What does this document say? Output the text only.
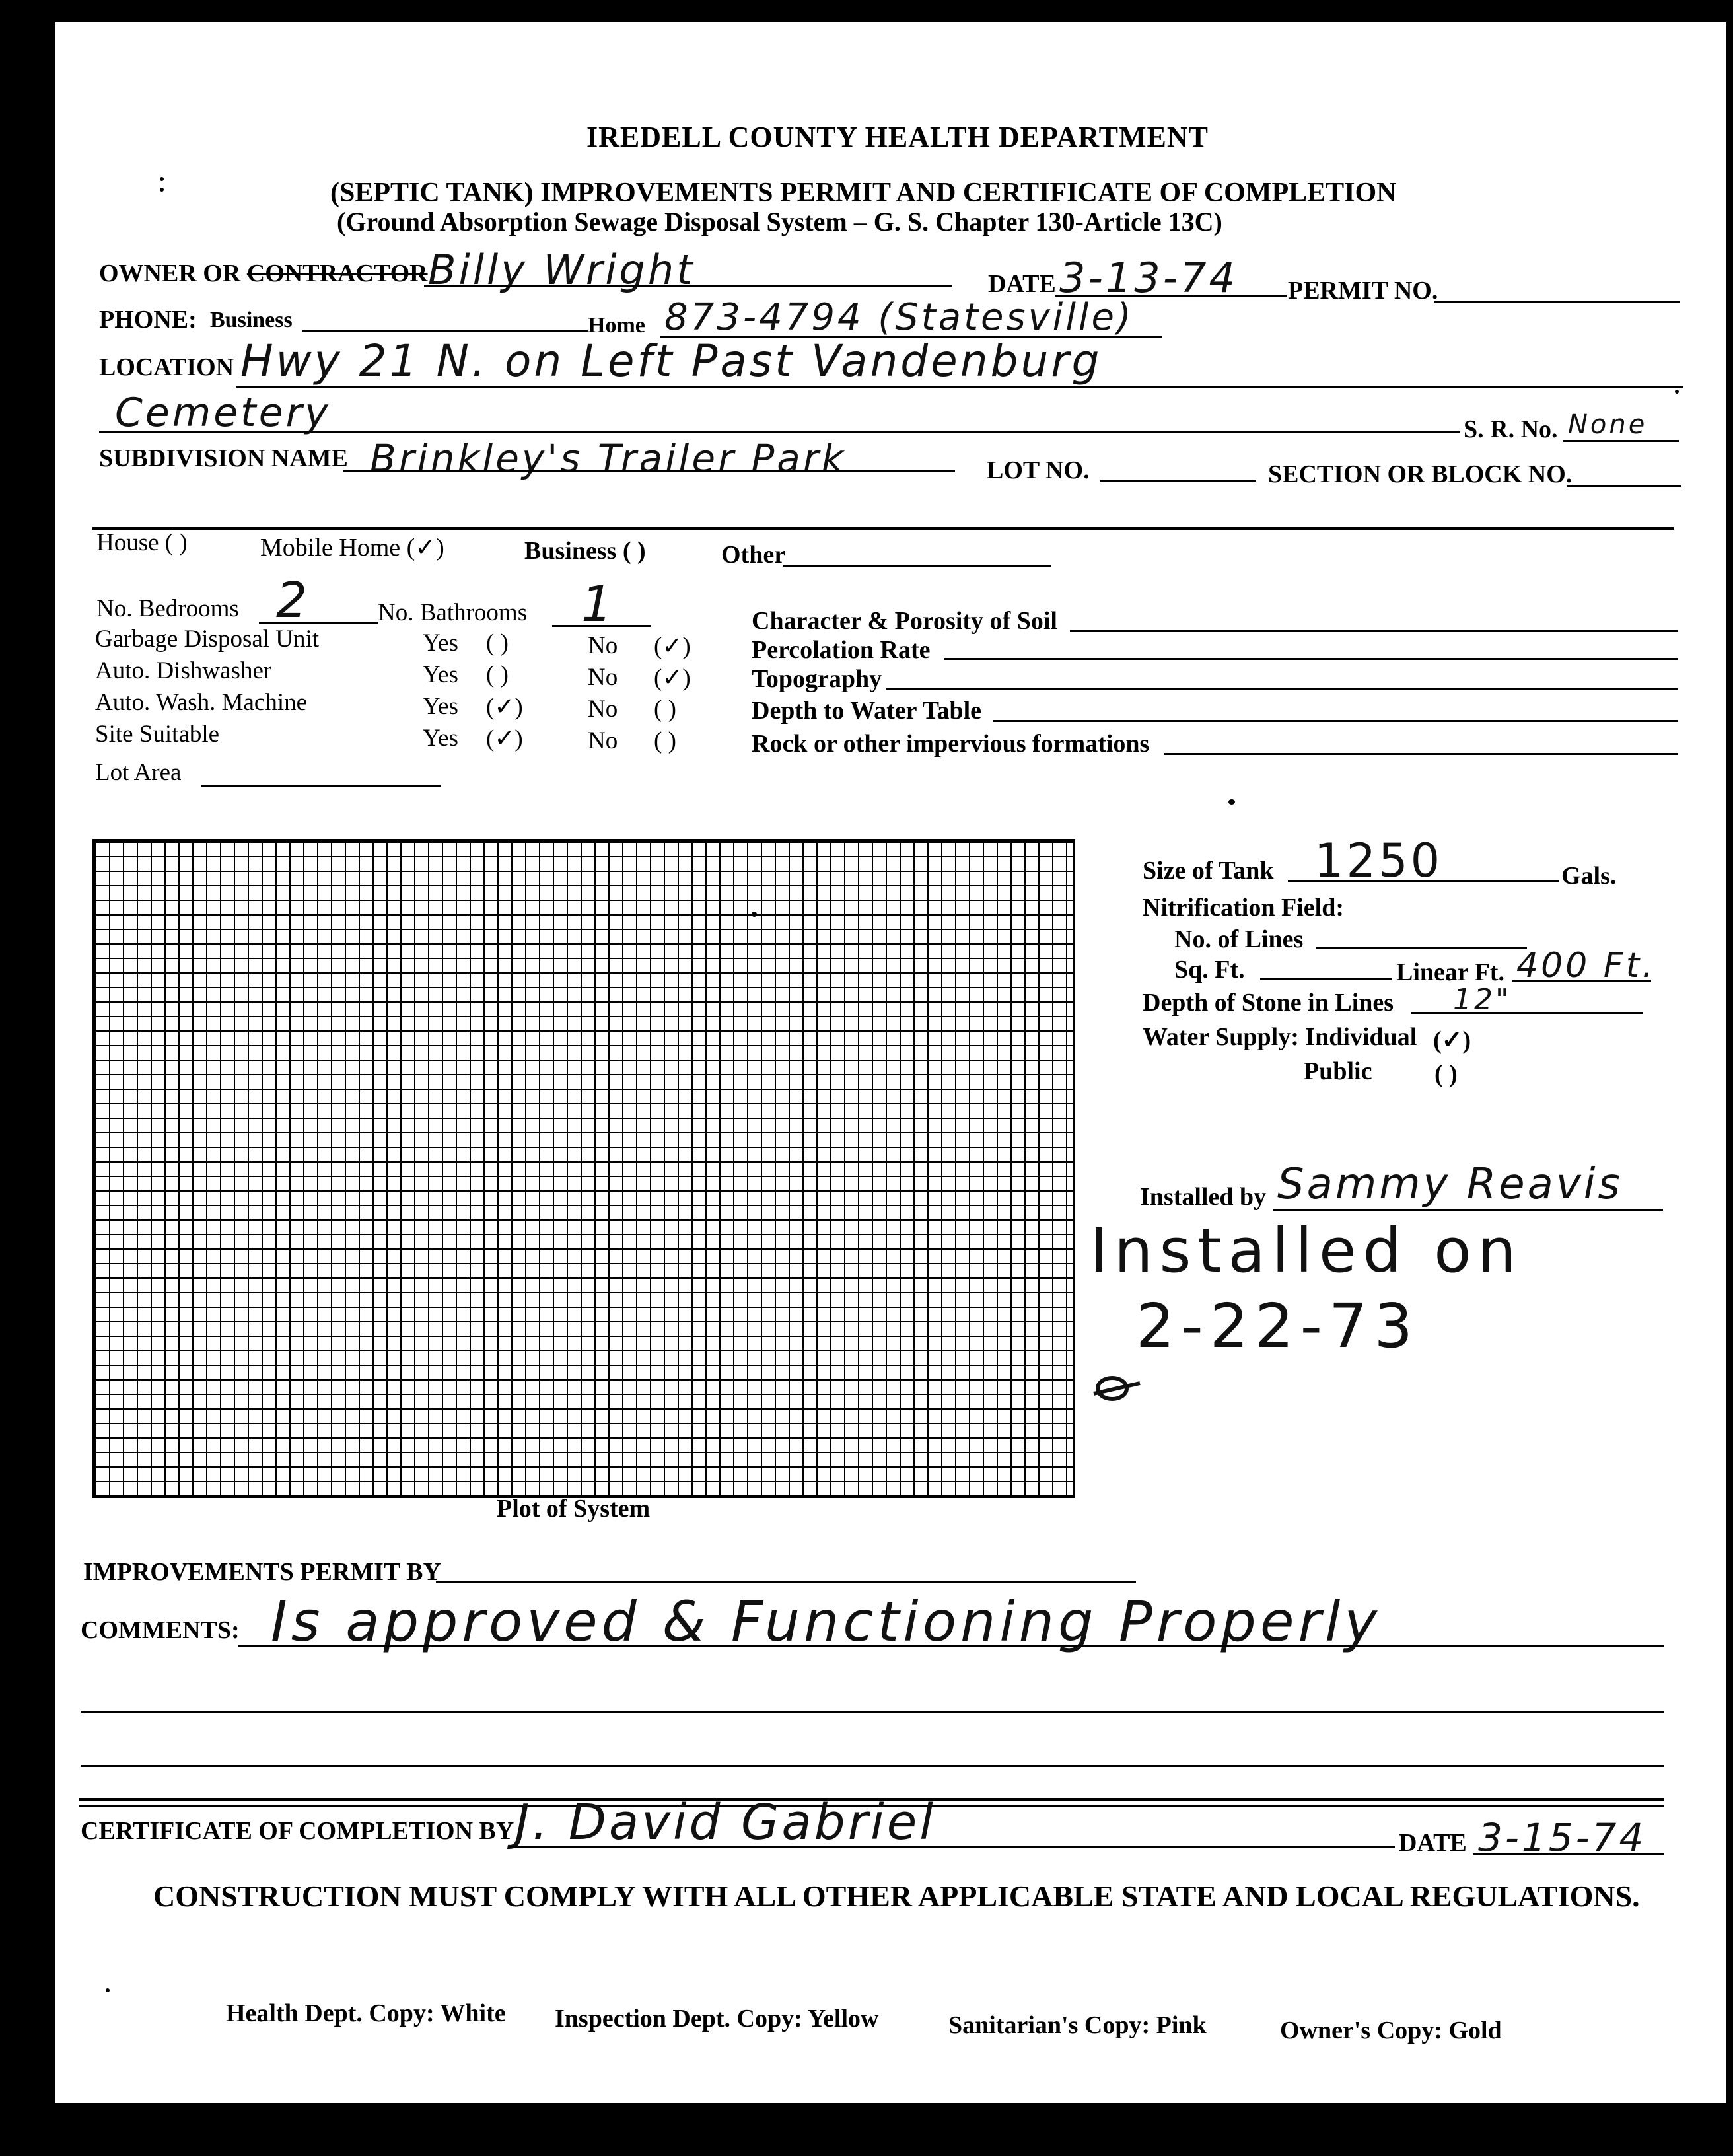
IREDELL COUNTY HEALTH DEPARTMENT
(SEPTIC TANK) IMPROVEMENTS PERMIT AND CERTIFICATE OF COMPLETION
(Ground Absorption Sewage Disposal System – G. S. Chapter 130-Article 13C)
OWNER OR CONTRACTOR Billy Wright	DATE 3-13-74 PERMIT NO.
PHONE: Business	Home 873-4794 (Statesville)
LOCATION Hwy 21 N. on Left Past Vandenburg
Cemetery	S. R. No. None
SUBDIVISION NAME Brinkley's Trailer Park	LOT NO.	SECTION OR BLOCK NO.
House ( )	Mobile Home (✓)	Business ( )	Other
No. Bedrooms 2	No. Bathrooms 1
Garbage Disposal Unit	Yes ( )	No (✓)
Auto. Dishwasher	Yes ( )	No (✓)
Auto. Wash. Machine	Yes (✓)	No ( )
Site Suitable	Yes (✓)	No ( )
Lot Area
Character & Porosity of Soil
Percolation Rate
Topography
Depth to Water Table
Rock or other impervious formations
Plot of System
Size of Tank 1250	Gals.
Nitrification Field:
No. of Lines
Sq. Ft.	Linear Ft. 400 Ft.
Depth of Stone in Lines 12"
Water Supply: Individual (✓)
Public ( )
Installed by Sammy Reavis
Installed on
2-22-73
IMPROVEMENTS PERMIT BY
COMMENTS: Is approved & Functioning Properly
CERTIFICATE OF COMPLETION BY J. David Gabriel	DATE 3-15-74
CONSTRUCTION MUST COMPLY WITH ALL OTHER APPLICABLE STATE AND LOCAL REGULATIONS.
Health Dept. Copy: White Inspection Dept. Copy: Yellow	Sanitarian's Copy: Pink	Owner's Copy: Gold
